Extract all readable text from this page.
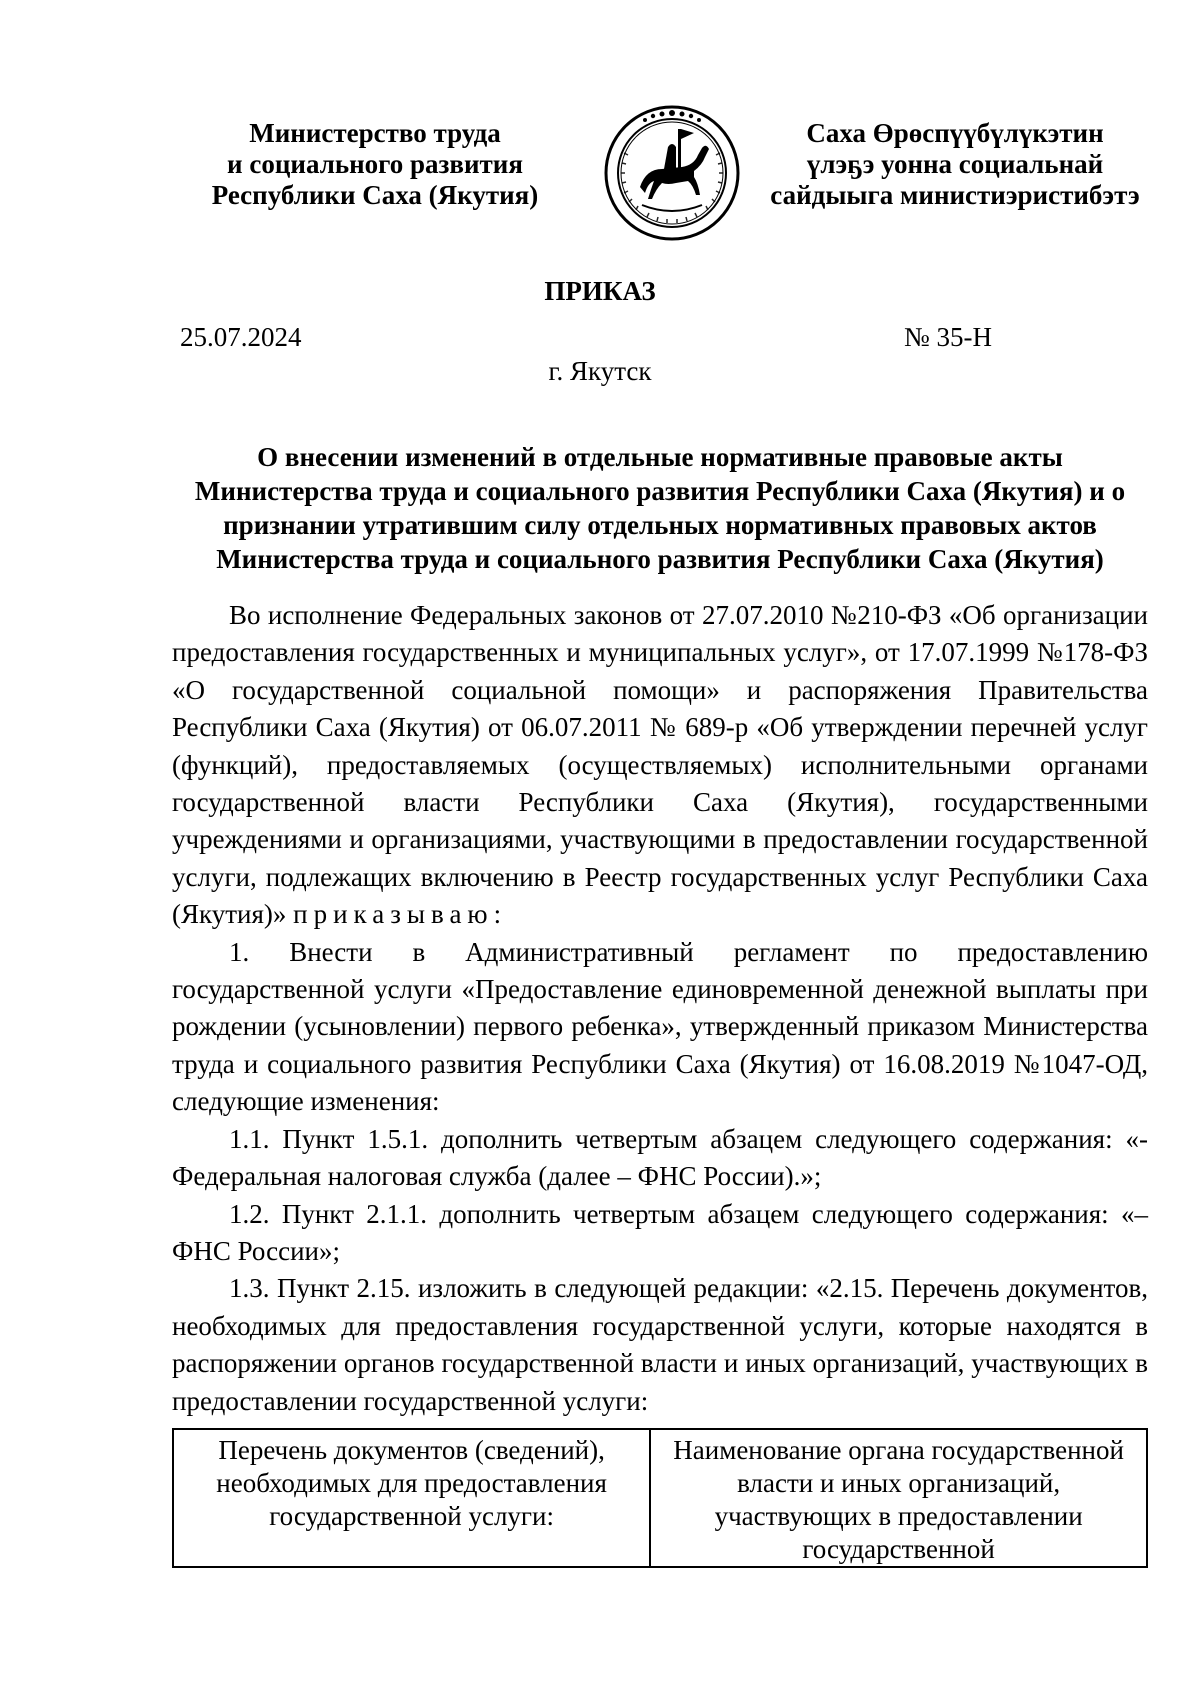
Министерство труда
и социального развития
Республики Саха (Якутия)
Саха Өрөспүүбүлүкэтин
үлэҕэ уонна социальнай
сайдыыга министиэристибэтэ
ПРИКАЗ
25.07.2024	№ 35-Н
г. Якутск
О внесении изменений в отдельные нормативные правовые акты Министерства труда и социального развития Республики Саха (Якутия) и о признании утратившим силу отдельных нормативных правовых актов Министерства труда и социального развития Республики Саха (Якутия)

Во исполнение Федеральных законов от 27.07.2010 №210-ФЗ «Об организации предоставления государственных и муниципальных услуг», от 17.07.1999 №178-ФЗ «О государственной социальной помощи» и распоряжения Правительства Республики Саха (Якутия) от 06.07.2011 № 689-р «Об утверждении перечней услуг (функций), предоставляемых (осуществляемых) исполнительными органами государственной власти Республики Саха (Якутия), государственными учреждениями и организациями, участвующими в предоставлении государственной услуги, подлежащих включению в Реестр государственных услуг Республики Саха (Якутия)» приказываю:

1. Внести в Административный регламент по предоставлению государственной услуги «Предоставление единовременной денежной выплаты при рождении (усыновлении) первого ребенка», утвержденный приказом Министерства труда и социального развития Республики Саха (Якутия) от 16.08.2019 №1047-ОД, следующие изменения:

1.1. Пункт 1.5.1. дополнить четвертым абзацем следующего содержания: «-Федеральная налоговая служба (далее – ФНС России).»;

1.2. Пункт 2.1.1. дополнить четвертым абзацем следующего содержания: «– ФНС России»;

1.3. Пункт 2.15. изложить в следующей редакции: «2.15. Перечень документов, необходимых для предоставления государственной услуги, которые находятся в распоряжении органов государственной власти и иных организаций, участвующих в предоставлении государственной услуги:

Перечень документов (сведений), необходимых для предоставления государственной услуги:	Наименование органа государственной власти и иных организаций, участвующих в предоставлении государственной
